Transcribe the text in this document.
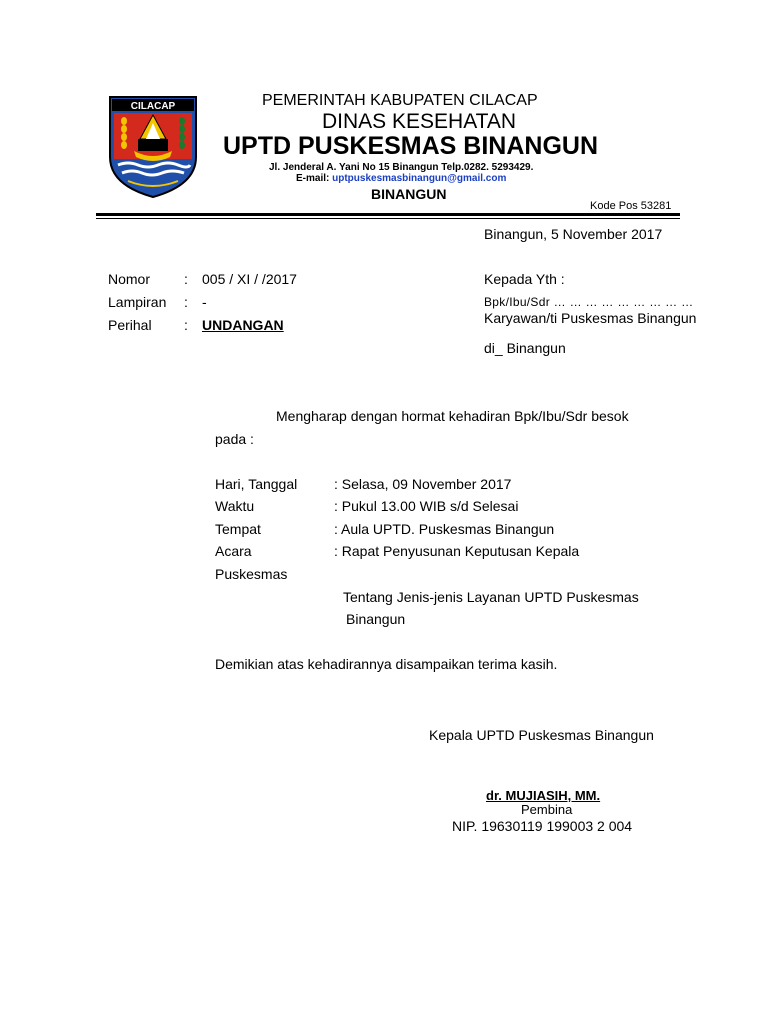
CILACAP	PEMERINTAH KABUPATEN CILACAP
DINAS KESEHATAN
UPTD PUSKESMAS BINANGUN
Jl. Jenderal A. Yani No 15 Binangun Telp.0282. 5293429.
E-mail: uptpuskesmasbinangun@gmail.com
BINANGUN
Kode Pos 53281
Binangun, 5 November 2017
Nomor : 005 / XI / /2017
Lampiran : -
Perihal : UNDANGAN
Kepada Yth :
Bpk/Ibu/Sdr … … … … … … … … …
Karyawan/ti Puskesmas Binangun
di_ Binangun
Mengharap dengan hormat kehadiran Bpk/Ibu/Sdr besok
pada :
Hari, Tanggal	: Selasa, 09 November 2017
Waktu	: Pukul 13.00 WIB s/d Selesai
Tempat	: Aula UPTD. Puskesmas Binangun
Acara	: Rapat Penyusunan Keputusan Kepala
Puskesmas
Tentang Jenis-jenis Layanan UPTD Puskesmas
Binangun
Demikian atas kehadirannya disampaikan terima kasih.
Kepala UPTD Puskesmas Binangun
dr. MUJIASIH, MM.
Pembina
NIP. 19630119 199003 2 004
